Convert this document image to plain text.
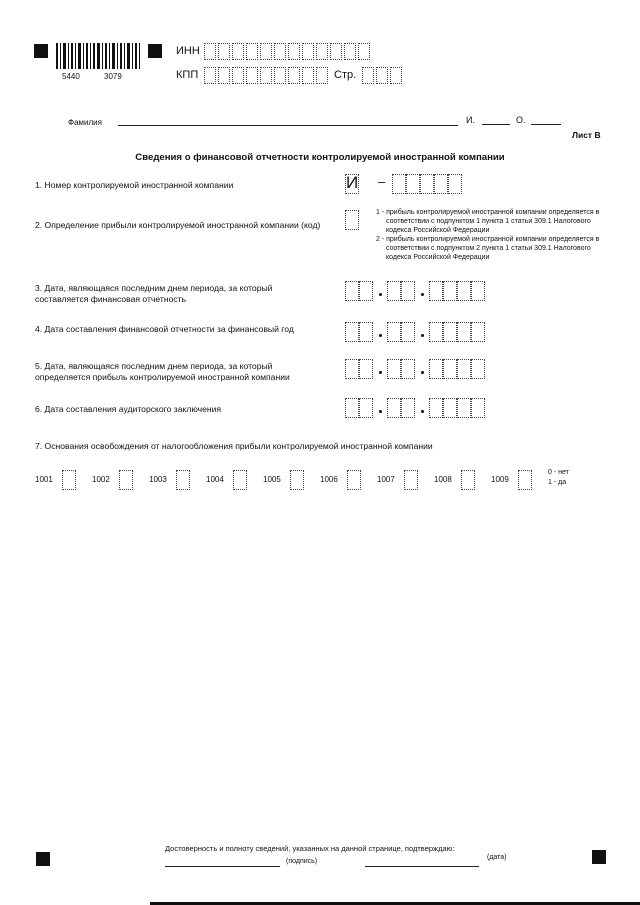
5440	3079
ИНН
КПП	Стр.
Фамилия	И.	О.
Лист В
Сведения о финансовой отчетности контролируемой иностранной компании
1. Номер контролируемой иностранной компании	И –
2. Определение прибыли контролируемой иностранной компании (код)
1 - прибыль контролируемой иностранной компании определяется в соответствии с подпунктом 1 пункта 1 статьи 309.1 Налогового кодекса Российской Федерации
2 - прибыль контролируемой иностранной компании определяется в соответствии с подпунктом 2 пункта 1 статьи 309.1 Налогового кодекса Российской Федерации
3. Дата, являющаяся последним днем периода, за который составляется финансовая отчетность
4. Дата составления финансовой отчетности за финансовый год
5. Дата, являющаяся последним днем периода, за который определяется прибыль контролируемой иностранной компании
6. Дата составления аудиторского заключения
7. Основания освобождения от налогообложения прибыли контролируемой иностранной компании
1001	1002	1003	1004	1005	1006	1007	1008	1009
0 - нет
1 - да
Достоверность и полноту сведений, указанных на данной странице, подтверждаю:
(подпись)
(дата)
